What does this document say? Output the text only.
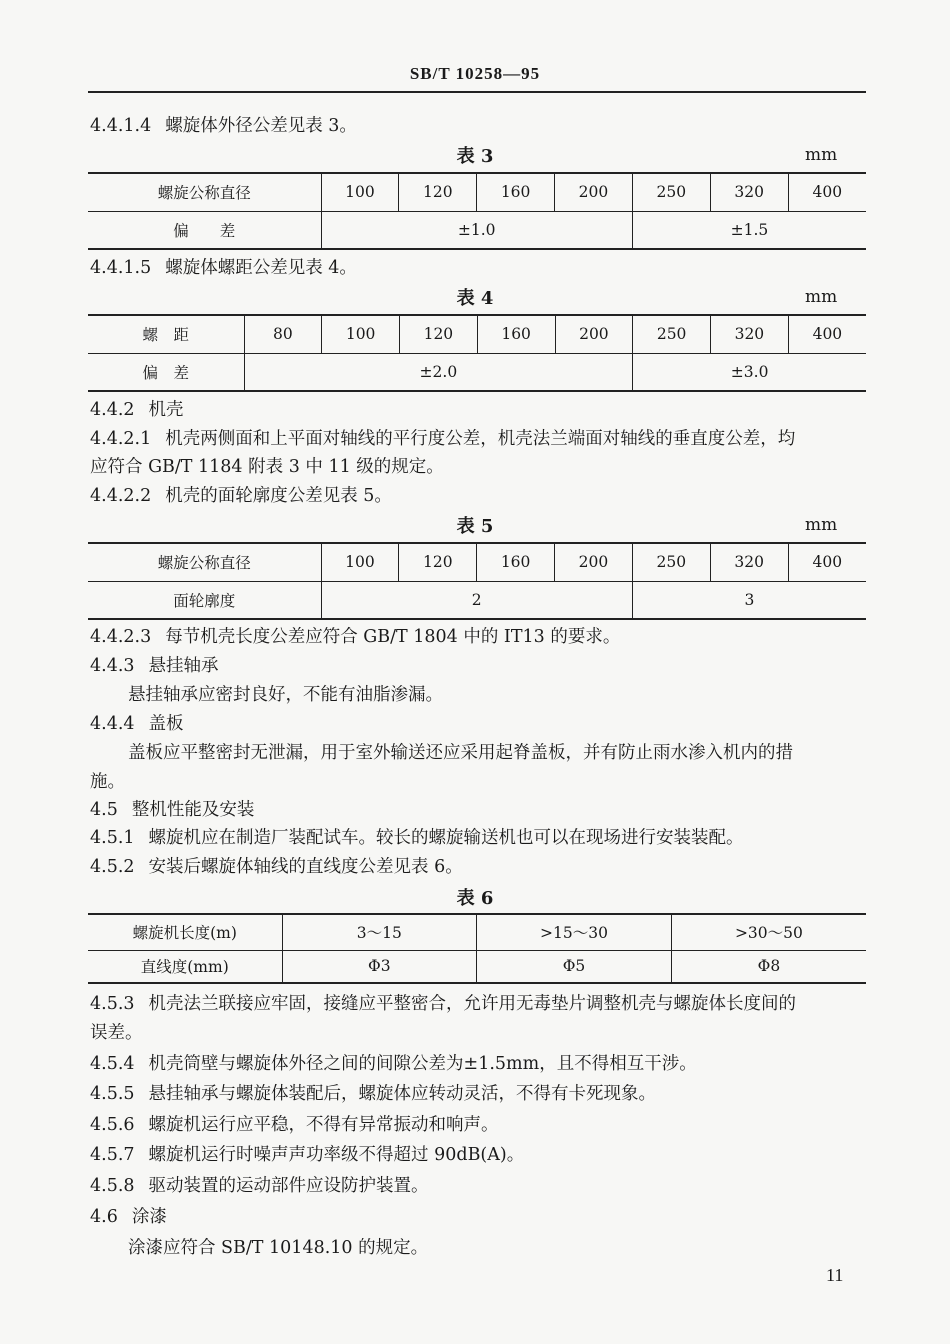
SB/T 10258—95
4.4.1.4 螺旋体外径公差见表 3。
表 3	mm
螺旋公称直径	100	120	160	200	250	320	400
偏　　差	±1.0				±1.5		
4.4.1.5 螺旋体螺距公差见表 4。
表 4	mm
螺　距	80	100	120	160	200	250	320	400
偏　差	±2.0					±3.0		
4.4.2 机壳
4.4.2.1 机壳两侧面和上平面对轴线的平行度公差，机壳法兰端面对轴线的垂直度公差，均
应符合 GB/T 1184 附表 3 中 11 级的规定。
4.4.2.2 机壳的面轮廓度公差见表 5。
表 5	mm
螺旋公称直径	100	120	160	200	250	320	400
面轮廓度	2				3		
4.4.2.3 每节机壳长度公差应符合 GB/T 1804 中的 IT13 的要求。
4.4.3 悬挂轴承
悬挂轴承应密封良好，不能有油脂渗漏。
4.4.4 盖板
盖板应平整密封无泄漏，用于室外输送还应采用起脊盖板，并有防止雨水渗入机内的措
施。
4.5 整机性能及安装
4.5.1 螺旋机应在制造厂装配试车。较长的螺旋输送机也可以在现场进行安装装配。
4.5.2 安装后螺旋体轴线的直线度公差见表 6。
表 6
螺旋机长度(m)	3～15	>15～30	>30～50
直线度(mm)	Φ3	Φ5	Φ8
4.5.3 机壳法兰联接应牢固，接缝应平整密合，允许用无毒垫片调整机壳与螺旋体长度间的
误差。
4.5.4 机壳筒壁与螺旋体外径之间的间隙公差为±1.5mm，且不得相互干涉。
4.5.5 悬挂轴承与螺旋体装配后，螺旋体应转动灵活，不得有卡死现象。
4.5.6 螺旋机运行应平稳，不得有异常振动和响声。
4.5.7 螺旋机运行时噪声声功率级不得超过 90dB(A)。
4.5.8 驱动装置的运动部件应设防护装置。
4.6 涂漆
涂漆应符合 SB/T 10148.10 的规定。
11
